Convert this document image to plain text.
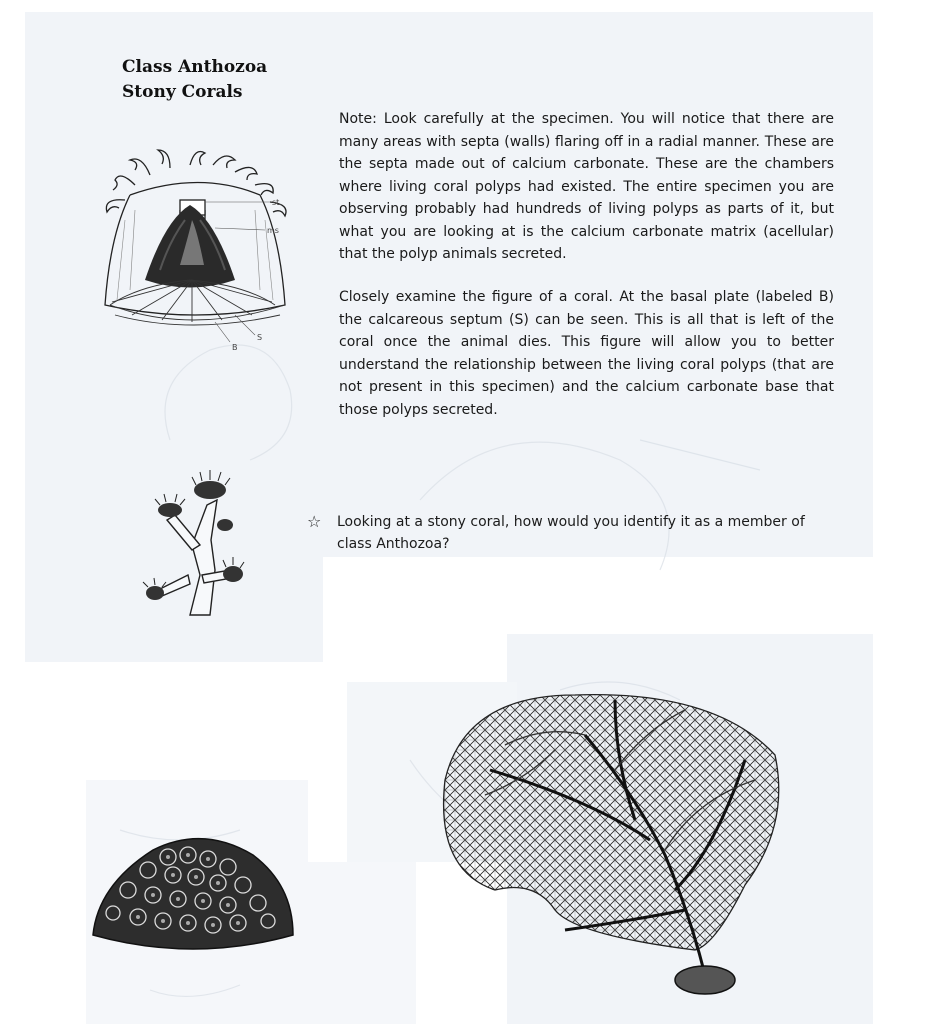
Class Anthozoa
Stony Corals
Note: Look carefully at the specimen. You will notice that there are many areas with septa (walls) flaring off in a radial manner. These are the septa made out of calcium carbonate. These are the chambers where living coral polyps had existed. The entire specimen you are observing probably had hundreds of living polyps as parts of it, but what you are looking at is the calcium carbonate matrix (acellular) that the polyp animals secreted.
Closely examine the figure of a coral. At the basal plate (labeled B) the calcareous septum (S) can be seen. This is all that is left of the coral once the animal dies. This figure will allow you to better understand the relationship between the living coral polyps (that are not present in this specimen) and the calcium carbonate base that those polyps secreted.
☆ Looking at a stony coral, how would you identify it as a member of class Anthozoa?
st.
ms
S
B
